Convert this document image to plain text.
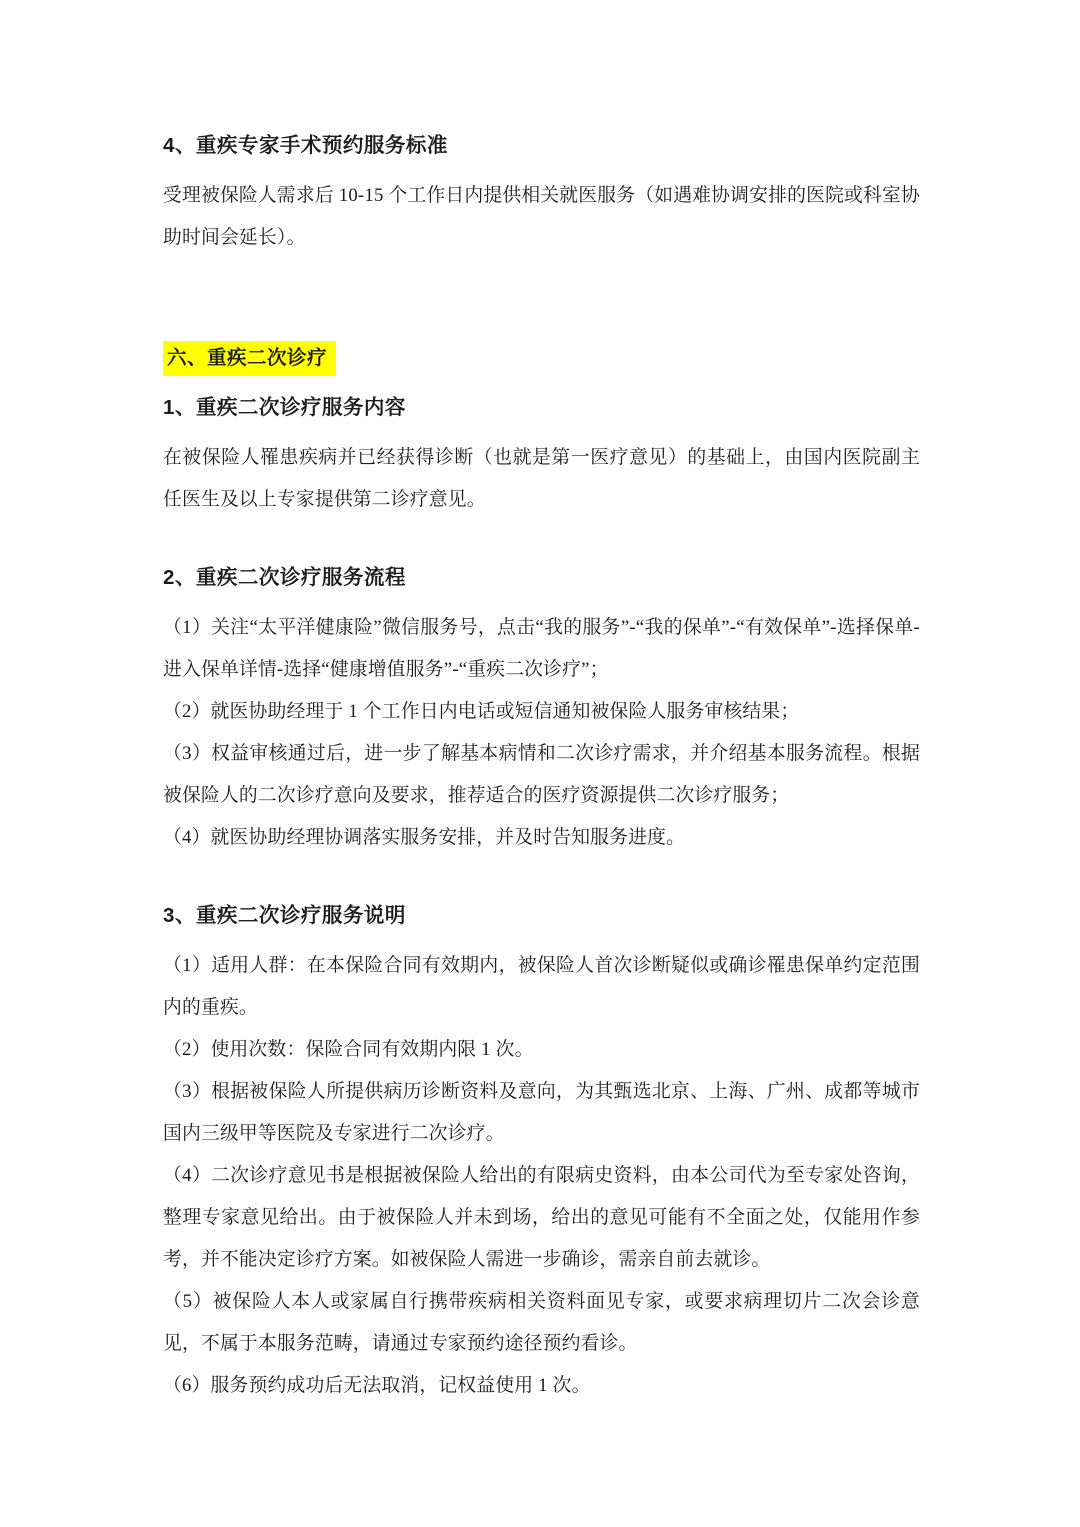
4、重疾专家手术预约服务标准

受理被保险人需求后 10-15 个工作日内提供相关就医服务（如遇难协调安排的医院或科室协助时间会延长）。

六、重疾二次诊疗
1、重疾二次诊疗服务内容

在被保险人罹患疾病并已经获得诊断（也就是第一医疗意见）的基础上，由国内医院副主任医生及以上专家提供第二诊疗意见。

2、重疾二次诊疗服务流程

（1）关注“太平洋健康险”微信服务号，点击“我的服务”-“我的保单”-“有效保单”-选择保单-进入保单详情-选择“健康增值服务”-“重疾二次诊疗”；

（2）就医协助经理于 1 个工作日内电话或短信通知被保险人服务审核结果；

（3）权益审核通过后，进一步了解基本病情和二次诊疗需求，并介绍基本服务流程。根据被保险人的二次诊疗意向及要求，推荐适合的医疗资源提供二次诊疗服务；

（4）就医协助经理协调落实服务安排，并及时告知服务进度。

3、重疾二次诊疗服务说明

（1）适用人群：在本保险合同有效期内，被保险人首次诊断疑似或确诊罹患保单约定范围内的重疾。

（2）使用次数：保险合同有效期内限 1 次。

（3）根据被保险人所提供病历诊断资料及意向，为其甄选北京、上海、广州、成都等城市国内三级甲等医院及专家进行二次诊疗。

（4）二次诊疗意见书是根据被保险人给出的有限病史资料，由本公司代为至专家处咨询，整理专家意见给出。由于被保险人并未到场，给出的意见可能有不全面之处，仅能用作参考，并不能决定诊疗方案。如被保险人需进一步确诊，需亲自前去就诊。

（5）被保险人本人或家属自行携带疾病相关资料面见专家，或要求病理切片二次会诊意见，不属于本服务范畴，请通过专家预约途径预约看诊。

（6）服务预约成功后无法取消，记权益使用 1 次。
